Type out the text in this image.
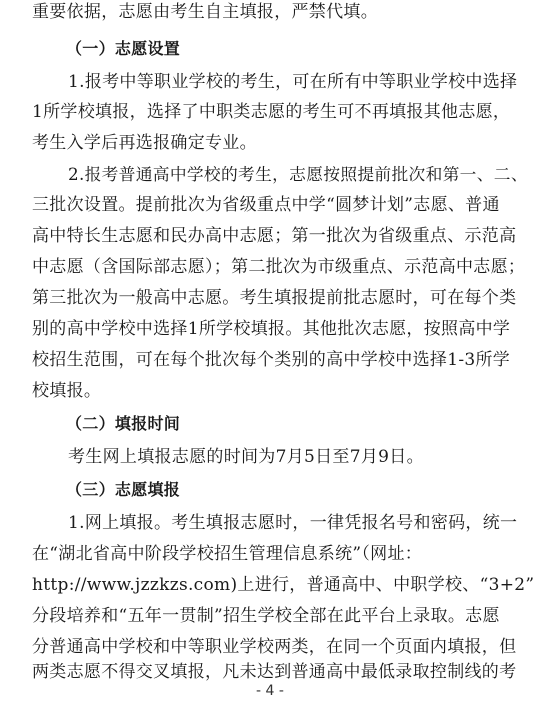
重要依据，志愿由考生自主填报，严禁代填。
（一）志愿设置
1.报考中等职业学校的考生，可在所有中等职业学校中选择
1所学校填报，选择了中职类志愿的考生可不再填报其他志愿，
考生入学后再选报确定专业。
2.报考普通高中学校的考生，志愿按照提前批次和第一、二、
三批次设置。提前批次为省级重点中学“圆梦计划”志愿、普通
高中特长生志愿和民办高中志愿；第一批次为省级重点、示范高
中志愿（含国际部志愿）；第二批次为市级重点、示范高中志愿；
第三批次为一般高中志愿。考生填报提前批志愿时，可在每个类
别的高中学校中选择1所学校填报。其他批次志愿，按照高中学
校招生范围，可在每个批次每个类别的高中学校中选择1-3所学
校填报。
（二）填报时间
考生网上填报志愿的时间为7月5日至7月9日。
（三）志愿填报
1.网上填报。考生填报志愿时，一律凭报名号和密码，统一
在“湖北省高中阶段学校招生管理信息系统”（网址：
http://www.jzzkzs.com)上进行，普通高中、中职学校、“3+2”
分段培养和“五年一贯制”招生学校全部在此平台上录取。志愿
分普通高中学校和中等职业学校两类，在同一个页面内填报，但
两类志愿不得交叉填报，凡未达到普通高中最低录取控制线的考
- 4 -
